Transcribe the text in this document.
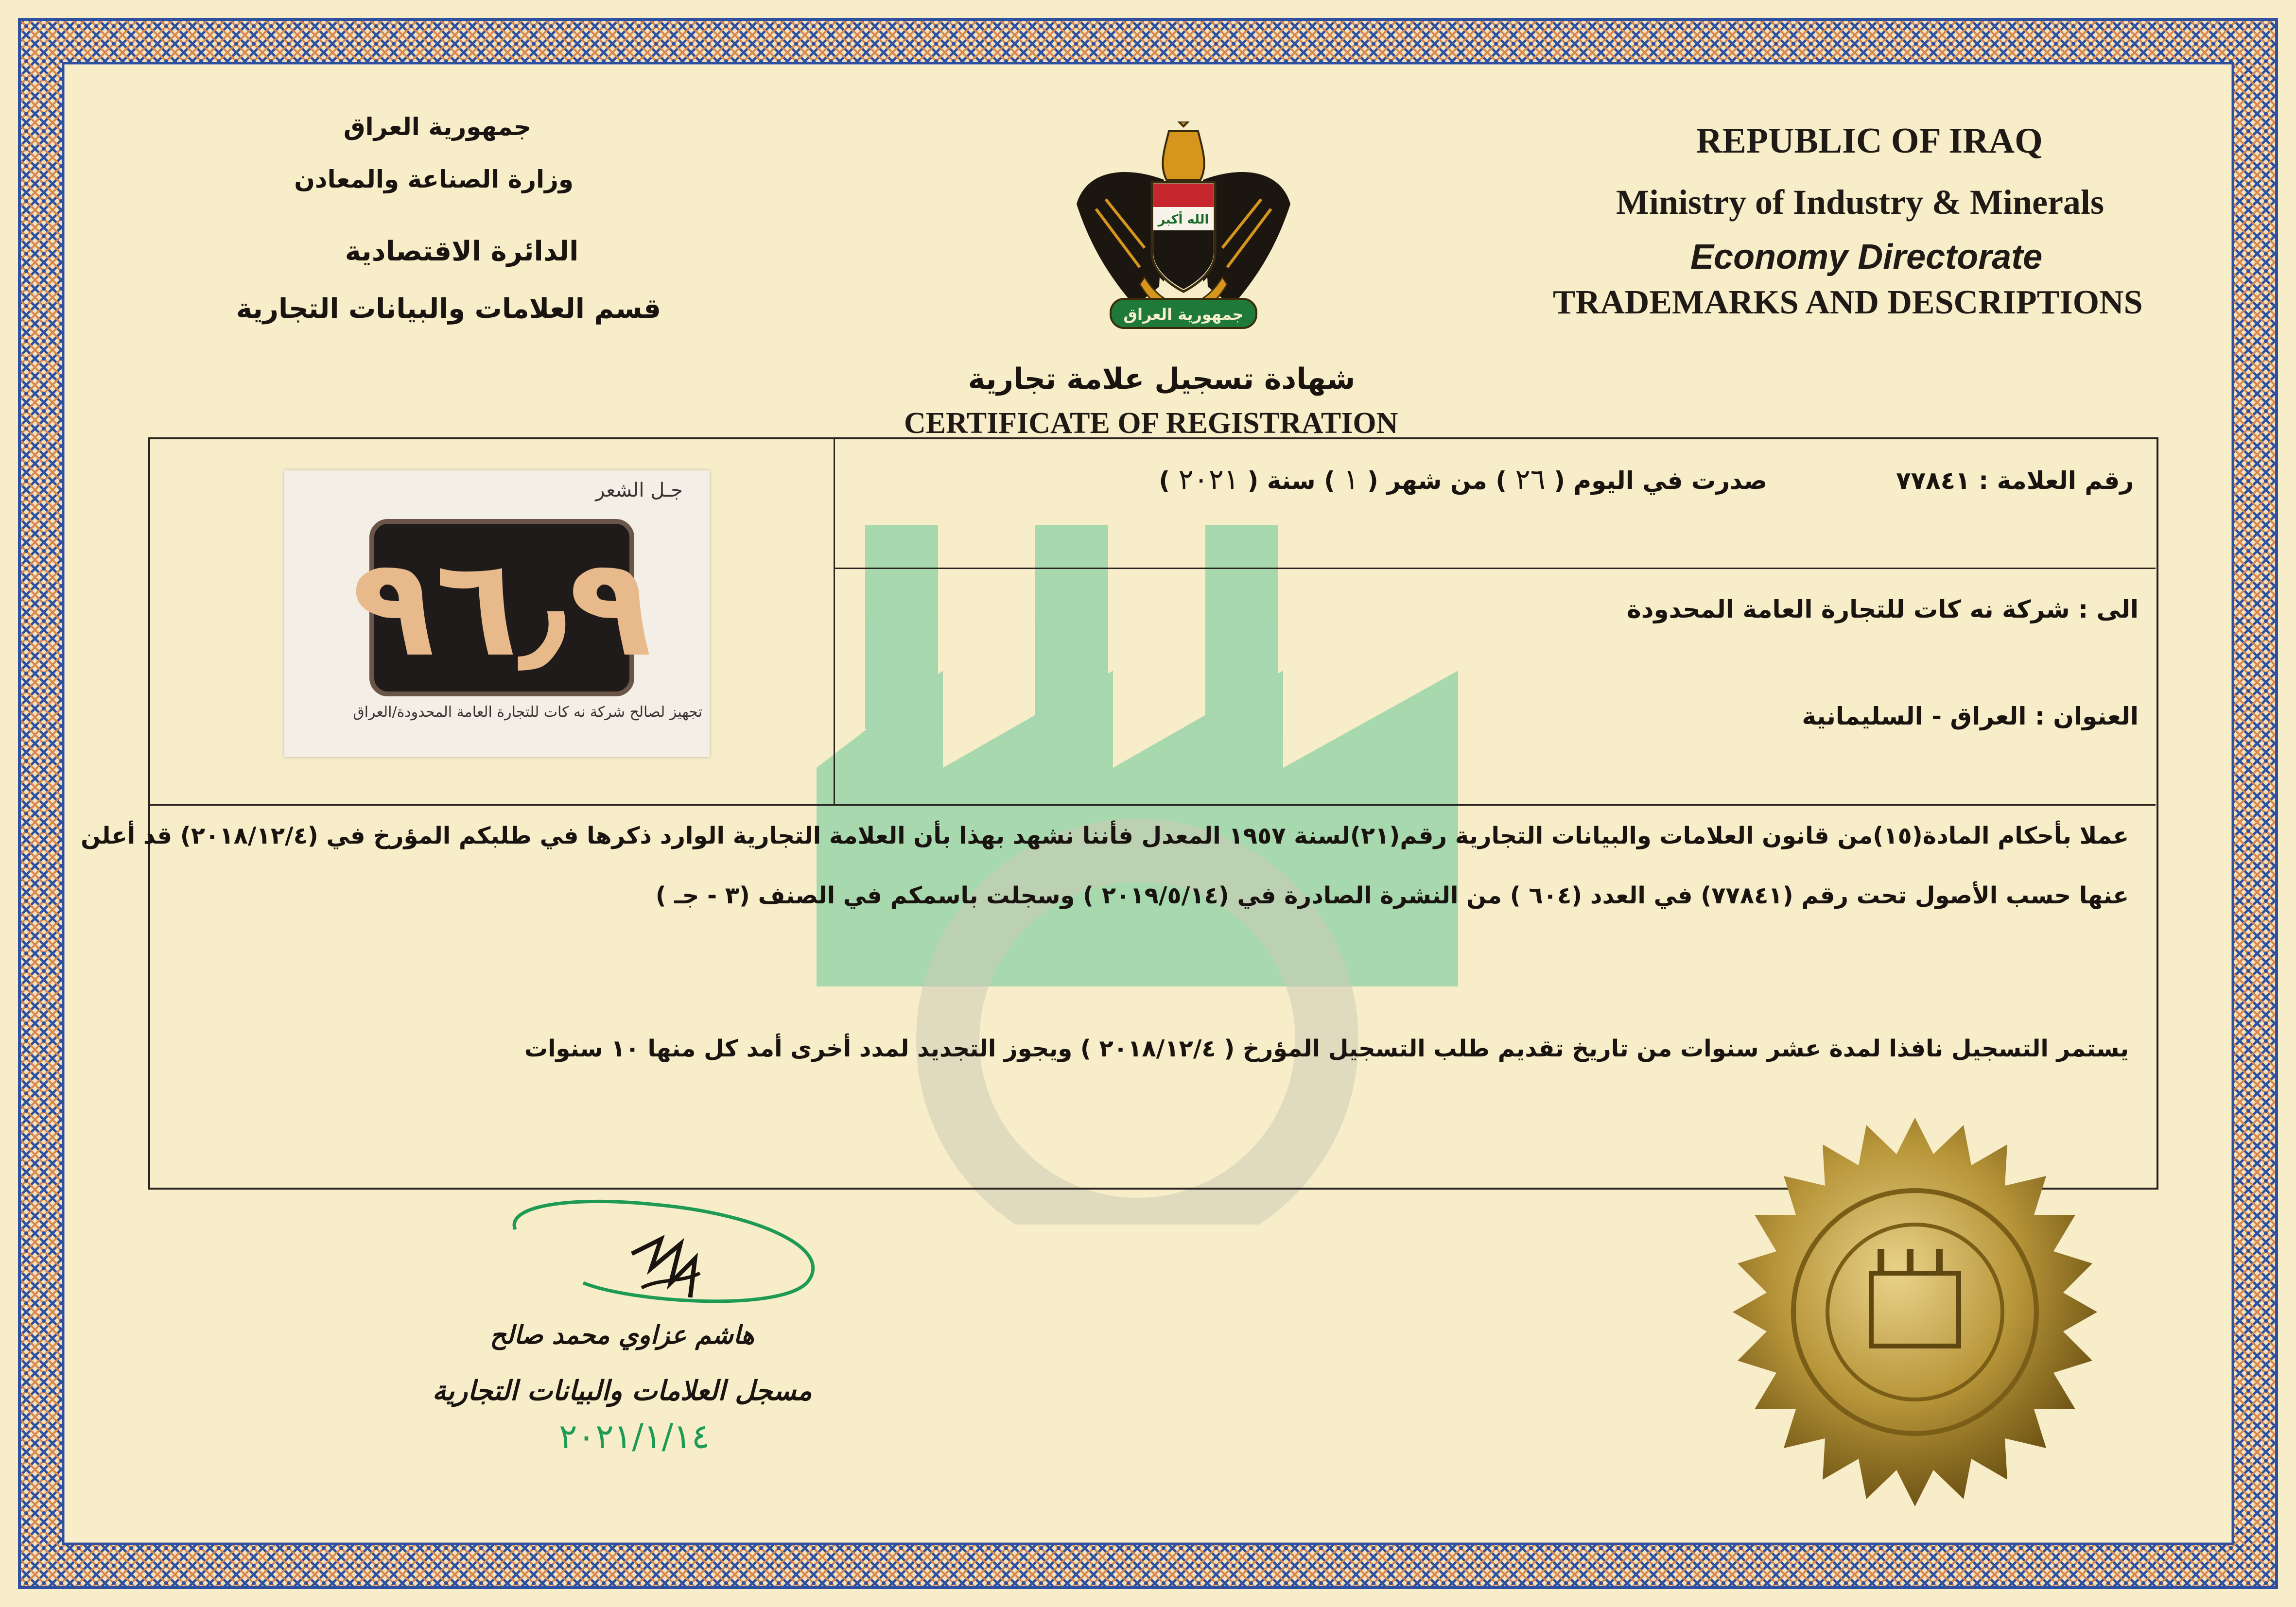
REPUBLIC OF IRAQ
Ministry of Industry & Minerals
Economy Directorate
TRADEMARKS AND DESCRIPTIONS
جمهورية العراق
وزارة الصناعة والمعادن
الدائرة الاقتصادية
قسم العلامات والبيانات التجارية
الله أكبر
جمهورية العراق
شهادة تسجيل علامة تجارية
CERTIFICATE OF REGISTRATION
رقم العلامة : ٧٧٨٤١  صدرت في اليوم ( ٢٦ ) من شهر ( ١ ) سنة ( ٢٠٢١ )
الى : شركة نه كات للتجارة العامة المحدودة
العنوان : العراق - السليمانية
جـل الشعر
٩٦٫٩
تجهيز لصالح شركة نه كات للتجارة العامة المحدودة/العراق
عملا بأحكام المادة(١٥)من قانون العلامات والبيانات التجارية رقم(٢١)لسنة ١٩٥٧ المعدل فأننا نشهد بهذا بأن العلامة التجارية الوارد ذكرها في طلبكم المؤرخ في (٢٠١٨/١٢/٤) قد أعلن
عنها حسب الأصول تحت رقم (٧٧٨٤١) في العدد (٦٠٤ ) من النشرة الصادرة في (٢٠١٩/٥/١٤ ) وسجلت باسمكم في الصنف (٣ - جـ )
يستمر التسجيل نافذا لمدة عشر سنوات من تاريخ تقديم طلب التسجيل المؤرخ ( ٢٠١٨/١٢/٤ ) ويجوز التجديد لمدد أخرى أمد كل منها ١٠ سنوات
هاشم عزاوي محمد صالح
مسجل العلامات والبيانات التجارية
٢٠٢١/١/١٤
